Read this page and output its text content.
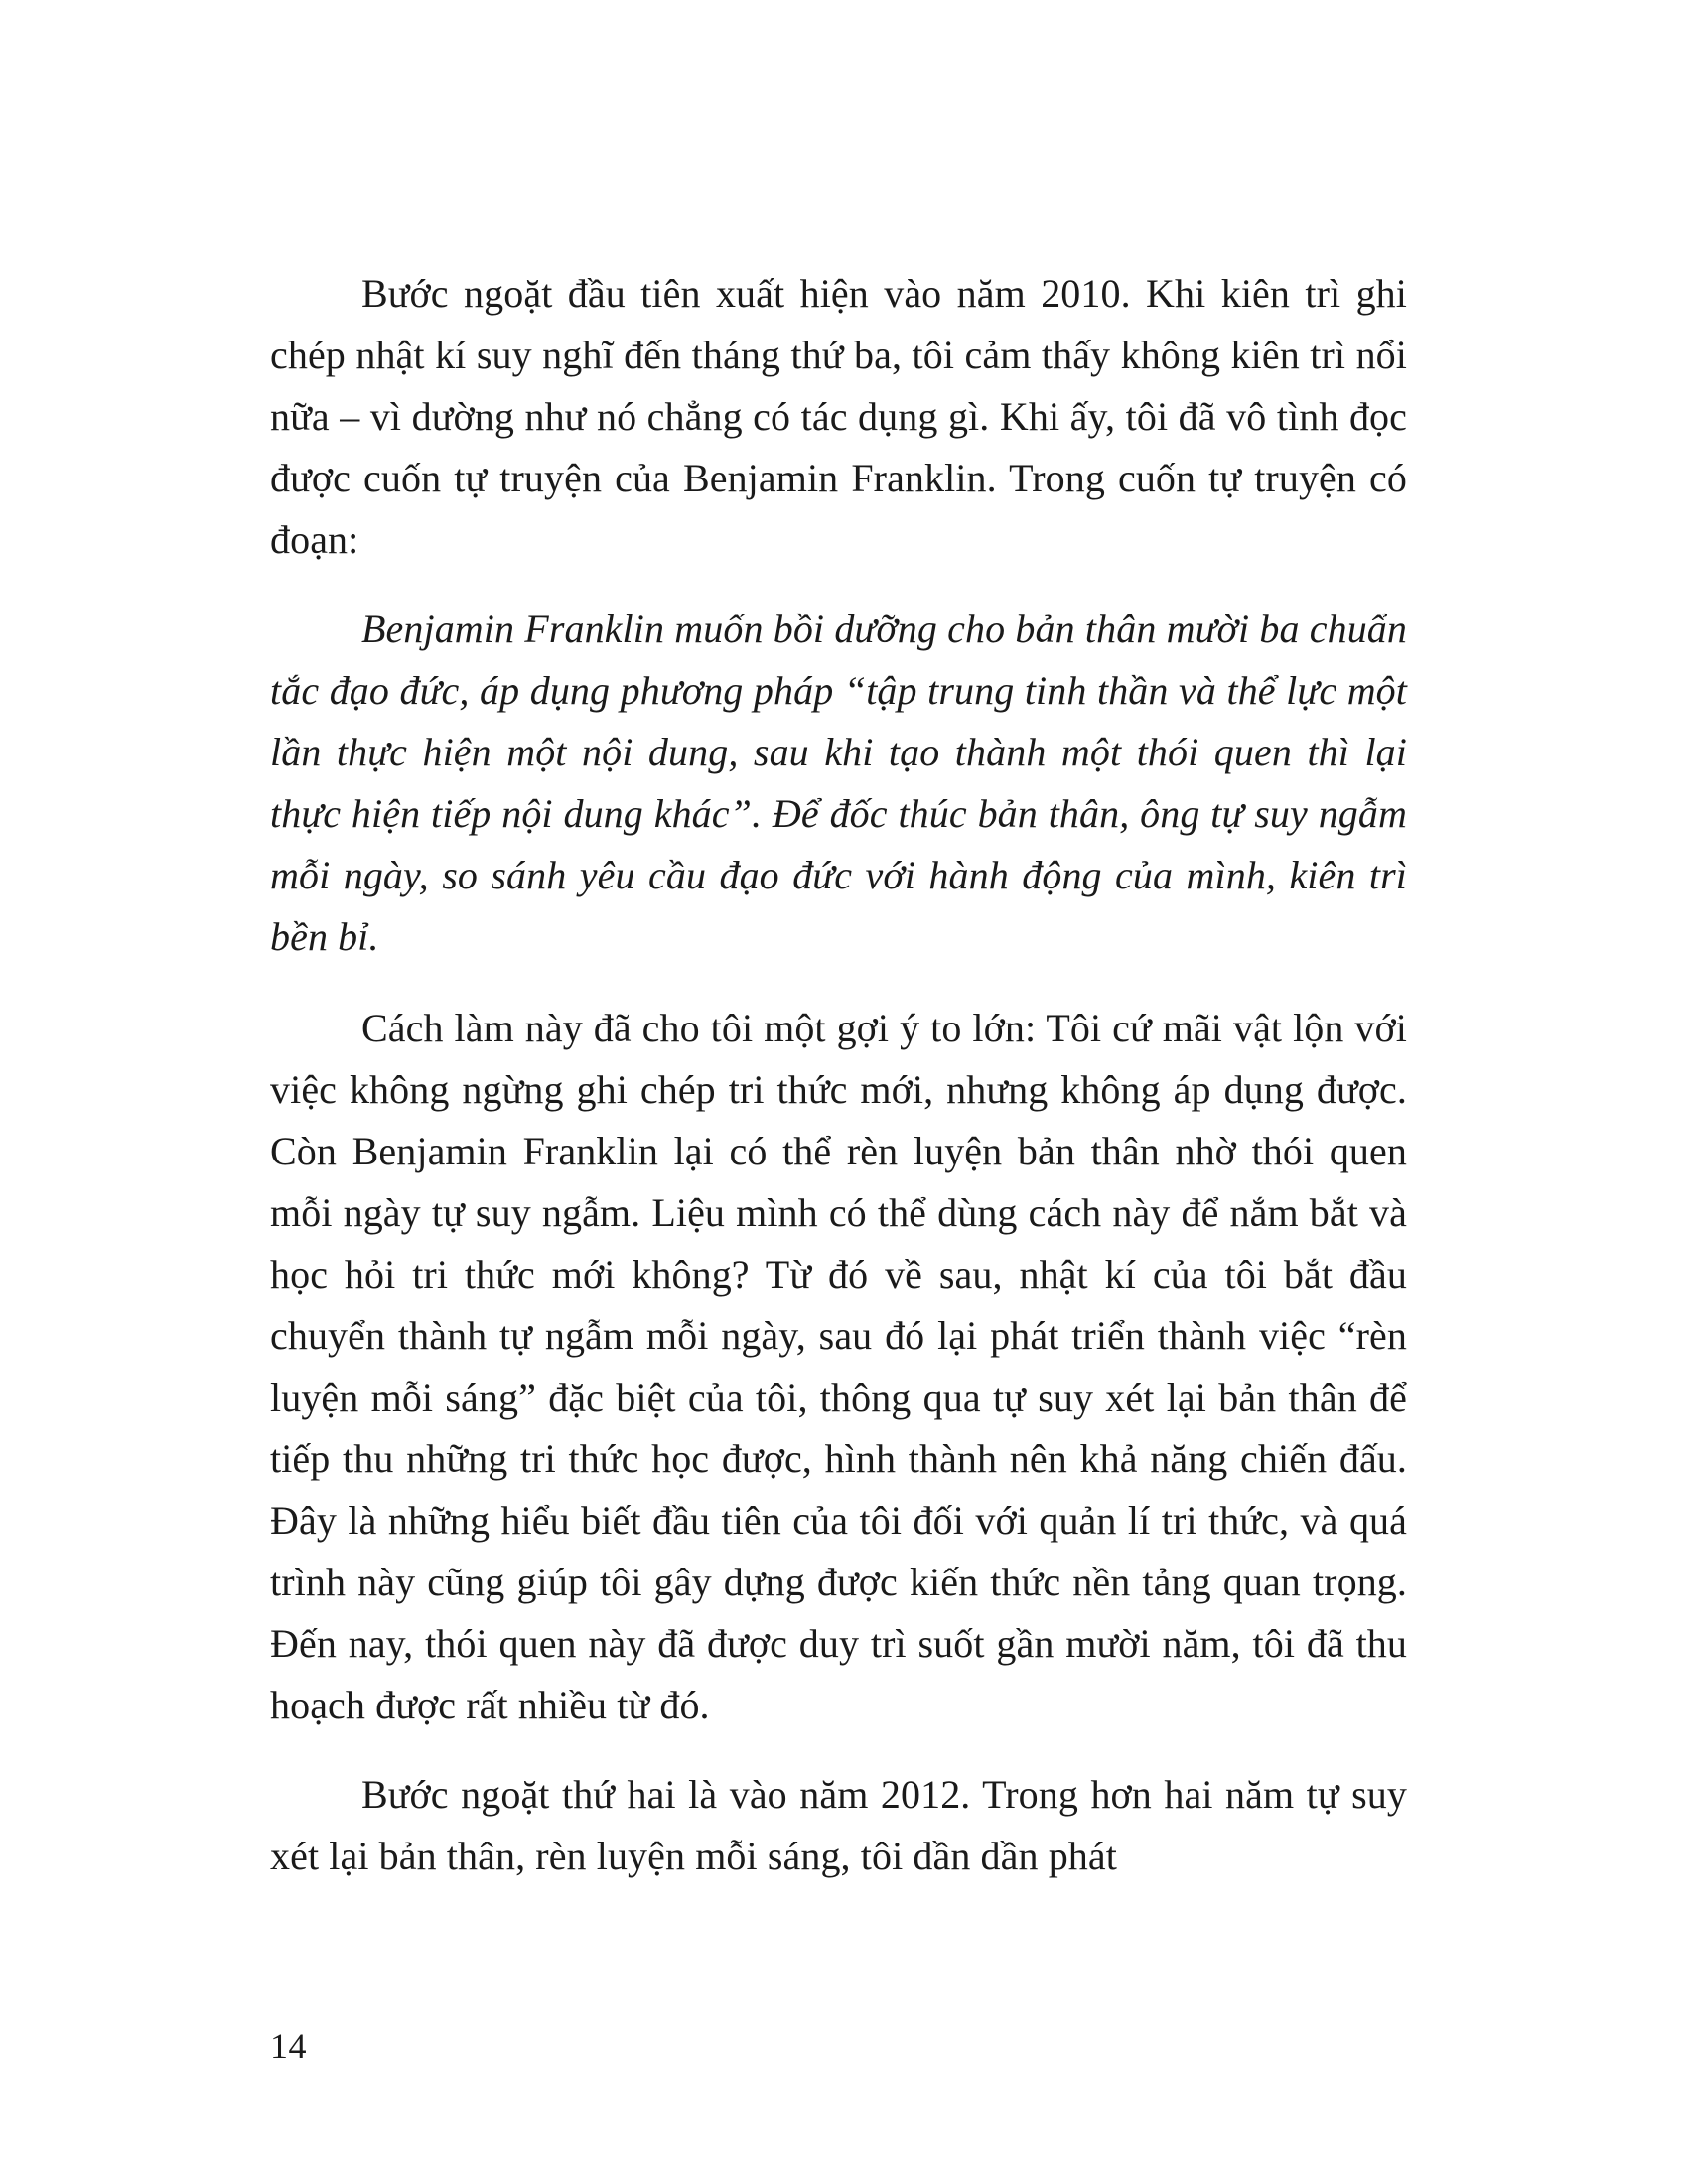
Bước ngoặt đầu tiên xuất hiện vào năm 2010. Khi kiên trì ghi chép nhật kí suy nghĩ đến tháng thứ ba, tôi cảm thấy không kiên trì nổi nữa – vì dường như nó chẳng có tác dụng gì. Khi ấy, tôi đã vô tình đọc được cuốn tự truyện của Benjamin Franklin. Trong cuốn tự truyện có đoạn:

Benjamin Franklin muốn bồi dưỡng cho bản thân mười ba chuẩn tắc đạo đức, áp dụng phương pháp “tập trung tinh thần và thể lực một lần thực hiện một nội dung, sau khi tạo thành một thói quen thì lại thực hiện tiếp nội dung khác”. Để đốc thúc bản thân, ông tự suy ngẫm mỗi ngày, so sánh yêu cầu đạo đức với hành động của mình, kiên trì bền bỉ.

Cách làm này đã cho tôi một gợi ý to lớn: Tôi cứ mãi vật lộn với việc không ngừng ghi chép tri thức mới, nhưng không áp dụng được. Còn Benjamin Franklin lại có thể rèn luyện bản thân nhờ thói quen mỗi ngày tự suy ngẫm. Liệu mình có thể dùng cách này để nắm bắt và học hỏi tri thức mới không? Từ đó về sau, nhật kí của tôi bắt đầu chuyển thành tự ngẫm mỗi ngày, sau đó lại phát triển thành việc “rèn luyện mỗi sáng” đặc biệt của tôi, thông qua tự suy xét lại bản thân để tiếp thu những tri thức học được, hình thành nên khả năng chiến đấu. Đây là những hiểu biết đầu tiên của tôi đối với quản lí tri thức, và quá trình này cũng giúp tôi gây dựng được kiến thức nền tảng quan trọng. Đến nay, thói quen này đã được duy trì suốt gần mười năm, tôi đã thu hoạch được rất nhiều từ đó.

Bước ngoặt thứ hai là vào năm 2012. Trong hơn hai năm tự suy xét lại bản thân, rèn luyện mỗi sáng, tôi dần dần phát

14
